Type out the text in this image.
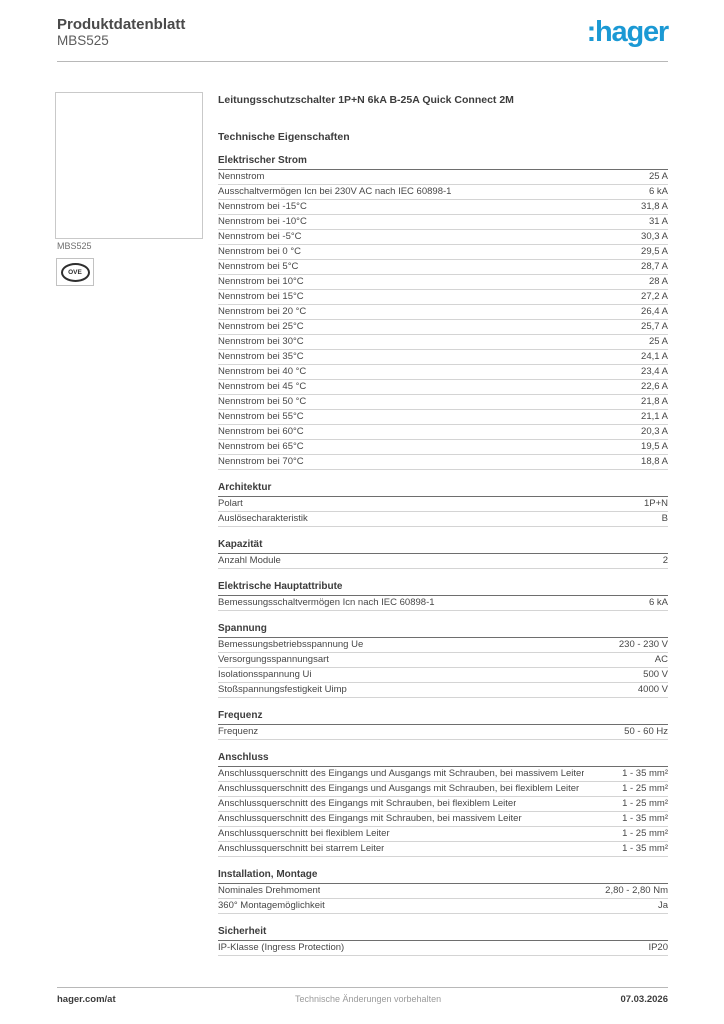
Produktdatenblatt
MBS525	:hager
MBS525
OVE
Leitungsschutzschalter 1P+N 6kA B-25A Quick Connect 2M
Technische Eigenschaften
Elektrischer Strom
Nennstrom	25 A
Ausschaltvermögen Icn bei 230V AC nach IEC 60898-1	6 kA
Nennstrom bei -15°C	31,8 A
Nennstrom bei -10°C	31 A
Nennstrom bei -5°C	30,3 A
Nennstrom bei 0 °C	29,5 A
Nennstrom bei 5°C	28,7 A
Nennstrom bei 10°C	28 A
Nennstrom bei 15°C	27,2 A
Nennstrom bei 20 °C	26,4 A
Nennstrom bei 25°C	25,7 A
Nennstrom bei 30°C	25 A
Nennstrom bei 35°C	24,1 A
Nennstrom bei 40 °C	23,4 A
Nennstrom bei 45 °C	22,6 A
Nennstrom bei 50 °C	21,8 A
Nennstrom bei 55°C	21,1 A
Nennstrom bei 60°C	20,3 A
Nennstrom bei 65°C	19,5 A
Nennstrom bei 70°C	18,8 A
Architektur
Polart	1P+N
Auslösecharakteristik	B
Kapazität
Anzahl Module	2
Elektrische Hauptattribute
Bemessungsschaltvermögen Icn nach IEC 60898-1	6 kA
Spannung
Bemessungsbetriebsspannung Ue	230 - 230 V
Versorgungsspannungsart	AC
Isolationsspannung Ui	500 V
Stoßspannungsfestigkeit Uimp	4000 V
Frequenz
Frequenz	50 - 60 Hz
Anschluss
Anschlussquerschnitt des Eingangs und Ausgangs mit Schrauben, bei massivem Leiter	1 - 35 mm²
Anschlussquerschnitt des Eingangs und Ausgangs mit Schrauben, bei flexiblem Leiter	1 - 25 mm²
Anschlussquerschnitt des Eingangs mit Schrauben, bei flexiblem Leiter	1 - 25 mm²
Anschlussquerschnitt des Eingangs mit Schrauben, bei massivem Leiter	1 - 35 mm²
Anschlussquerschnitt bei flexiblem Leiter	1 - 25 mm²
Anschlussquerschnitt bei starrem Leiter	1 - 35 mm²
Installation, Montage
Nominales Drehmoment	2,80 - 2,80 Nm
360° Montagemöglichkeit	Ja
Sicherheit
IP-Klasse (Ingress Protection)	IP20
hager.com/at	Technische Änderungen vorbehalten	07.03.2026
